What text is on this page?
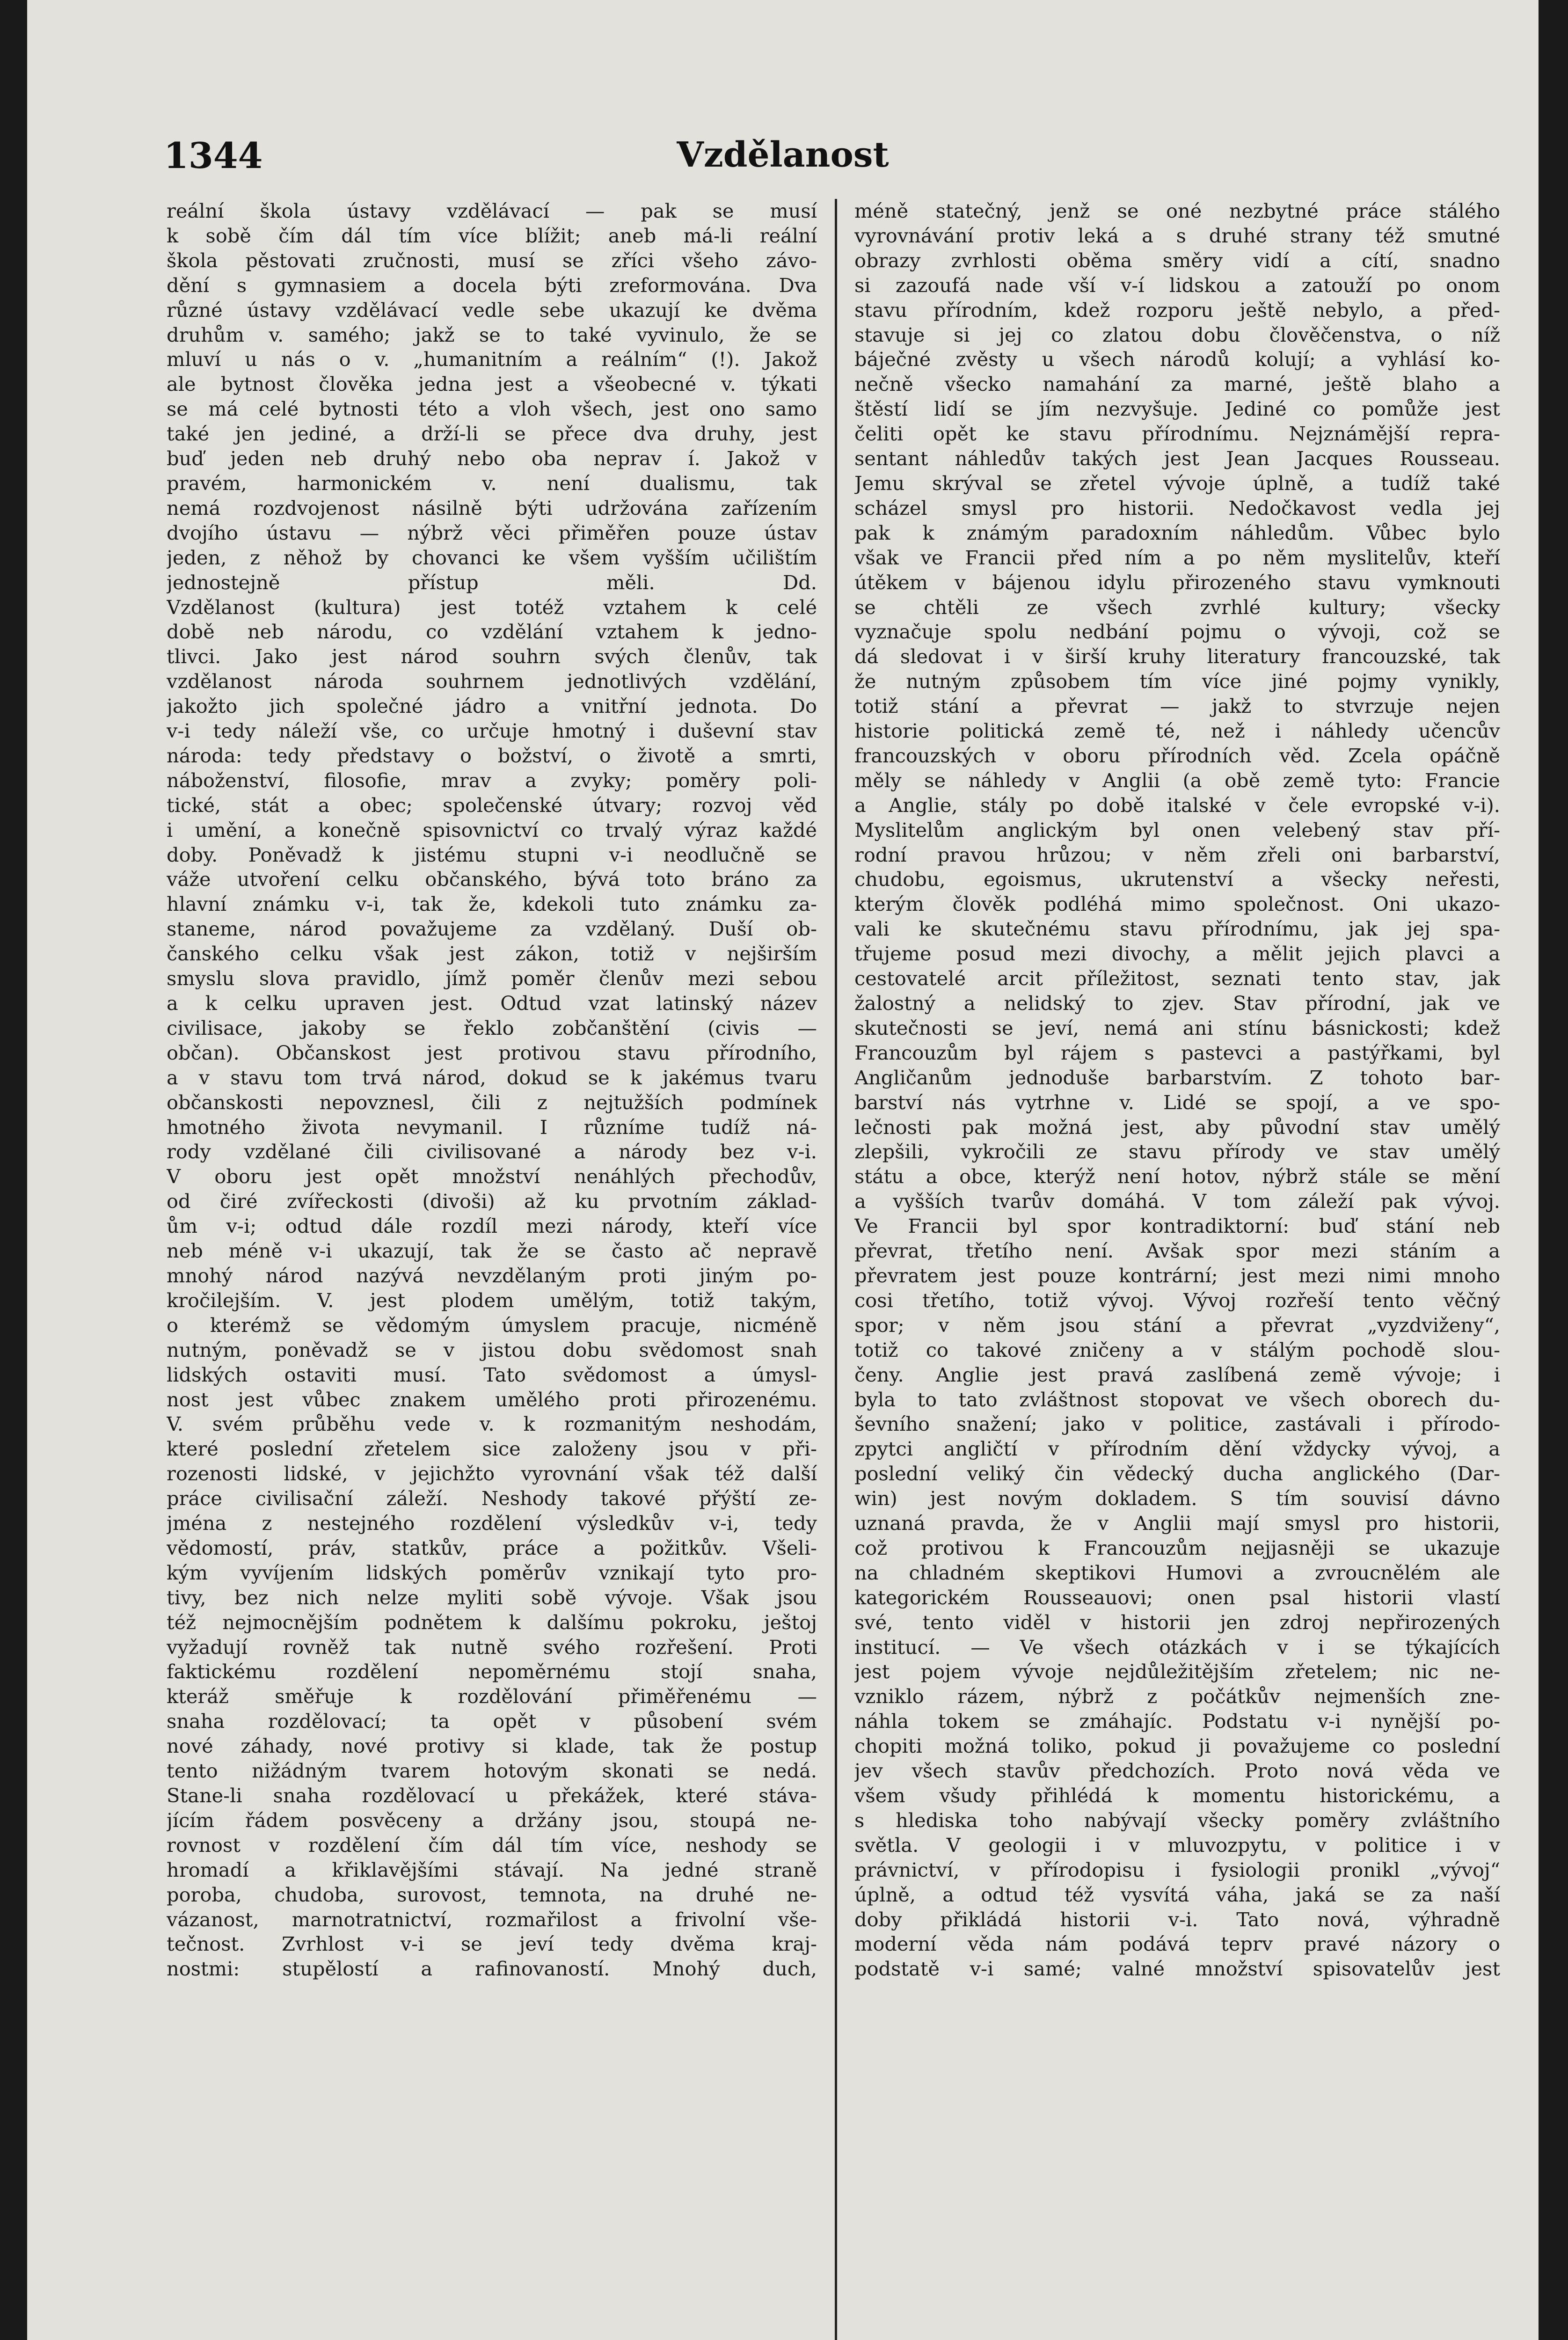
1344	Vzdělanost
reální škola ústavy vzdělávací — pak se musí
k sobě čím dál tím více blížit; aneb má-li reální
škola pěstovati zručnosti, musí se zříci všeho závo-
dění s gymnasiem a docela býti zreformována. Dva
různé ústavy vzdělávací vedle sebe ukazují ke dvěma
druhům v. samého; jakž se to také vyvinulo, že se
mluví u nás o v. „humanitním a reálním“ (!). Jakož
ale bytnost člověka jedna jest a všeobecné v. týkati
se má celé bytnosti této a vloh všech, jest ono samo
také jen jediné, a drží-li se přece dva druhy, jest
buď jeden neb druhý nebo oba neprav í. Jakož v
pravém, harmonickém v. není dualismu, tak
nemá rozdvojenost násilně býti udržována zařízením
dvojího ústavu — nýbrž věci přiměřen pouze ústav
jeden, z něhož by chovanci ke všem vyšším učilištím
jednostejně přístup měli. Dd.
Vzdělanost (kultura) jest totéž vztahem k celé
době neb národu, co vzdělání vztahem k jedno-
tlivci. Jako jest národ souhrn svých členův, tak
vzdělanost národa souhrnem jednotlivých vzdělání,
jakožto jich společné jádro a vnitřní jednota. Do
v-i tedy náleží vše, co určuje hmotný i duševní stav
národa: tedy představy o božství, o životě a smrti,
náboženství, filosofie, mrav a zvyky; poměry poli-
tické, stát a obec; společenské útvary; rozvoj věd
i umění, a konečně spisovnictví co trvalý výraz každé
doby. Poněvadž k jistému stupni v-i neodlučně se
váže utvoření celku občanského, bývá toto bráno za
hlavní známku v-i, tak že, kdekoli tuto známku za-
staneme, národ považujeme za vzdělaný. Duší ob-
čanského celku však jest zákon, totiž v nejširším
smyslu slova pravidlo, jímž poměr členův mezi sebou
a k celku upraven jest. Odtud vzat latinský název
civilisace, jakoby se řeklo zobčanštění (civis —
občan). Občanskost jest protivou stavu přírodního,
a v stavu tom trvá národ, dokud se k jakémus tvaru
občanskosti nepovznesl, čili z nejtužších podmínek
hmotného života nevymanil. I různíme tudíž ná-
rody vzdělané čili civilisované a národy bez v-i.
V oboru jest opět množství nenáhlých přechodův,
od čiré zvířeckosti (divoši) až ku prvotním základ-
ům v-i; odtud dále rozdíl mezi národy, kteří více
neb méně v-i ukazují, tak že se často ač nepravě
mnohý národ nazývá nevzdělaným proti jiným po-
kročilejším. V. jest plodem umělým, totiž takým,
o kterémž se vědomým úmyslem pracuje, nicméně
nutným, poněvadž se v jistou dobu svědomost snah
lidských ostaviti musí. Tato svědomost a úmysl-
nost jest vůbec znakem umělého proti přirozenému.
V. svém průběhu vede v. k rozmanitým neshodám,
které poslední zřetelem sice založeny jsou v při-
rozenosti lidské, v jejichžto vyrovnání však též další
práce civilisační záleží. Neshody takové přýští ze-
jména z nestejného rozdělení výsledkův v-i, tedy
vědomostí, práv, statkův, práce a požitkův. Všeli-
kým vyvíjením lidských poměrův vznikají tyto pro-
tivy, bez nich nelze myliti sobě vývoje. Však jsou
též nejmocnějším podnětem k dalšímu pokroku, ještoj
vyžadují rovněž tak nutně svého rozřešení. Proti
faktickému rozdělení nepoměrnému stojí snaha,
kteráž směřuje k rozdělování přiměřenému —
snaha rozdělovací; ta opět v působení svém
nové záhady, nové protivy si klade, tak že postup
tento nižádným tvarem hotovým skonati se nedá.
Stane-li snaha rozdělovací u překážek, které stáva-
jícím řádem posvěceny a držány jsou, stoupá ne-
rovnost v rozdělení čím dál tím více, neshody se
hromadí a křiklavějšími stávají. Na jedné straně
poroba, chudoba, surovost, temnota, na druhé ne-
vázanost, marnotratnictví, rozmařilost a frivolní vše-
tečnost. Zvrhlost v-i se jeví tedy dvěma kraj-
nostmi: stupělostí a rafinovaností. Mnohý duch,
méně statečný, jenž se oné nezbytné práce stálého
vyrovnávání protiv leká a s druhé strany též smutné
obrazy zvrhlosti oběma směry vidí a cítí, snadno
si zazoufá nade vší v-í lidskou a zatouží po onom
stavu přírodním, kdež rozporu ještě nebylo, a před-
stavuje si jej co zlatou dobu člověčenstva, o níž
báječné zvěsty u všech národů kolují; a vyhlásí ko-
nečně všecko namahání za marné, ještě blaho a
štěstí lidí se jím nezvyšuje. Jediné co pomůže jest
čeliti opět ke stavu přírodnímu. Nejznámější repra-
sentant náhledův takých jest Jean Jacques Rousseau.
Jemu skrýval se zřetel vývoje úplně, a tudíž také
scházel smysl pro historii. Nedočkavost vedla jej
pak k známým paradoxním náhledům. Vůbec bylo
však ve Francii před ním a po něm myslitelův, kteří
útěkem v bájenou idylu přirozeného stavu vymknouti
se chtěli ze všech zvrhlé kultury; všecky
vyznačuje spolu nedbání pojmu o vývoji, což se
dá sledovat i v širší kruhy literatury francouzské, tak
že nutným způsobem tím více jiné pojmy vynikly,
totiž stání a převrat — jakž to stvrzuje nejen
historie politická země té, než i náhledy učencův
francouzských v oboru přírodních věd. Zcela opáčně
měly se náhledy v Anglii (a obě země tyto: Francie
a Anglie, stály po době italské v čele evropské v-i).
Myslitelům anglickým byl onen velebený stav pří-
rodní pravou hrůzou; v něm zřeli oni barbarství,
chudobu, egoismus, ukrutenství a všecky neřesti,
kterým člověk podléhá mimo společnost. Oni ukazo-
vali ke skutečnému stavu přírodnímu, jak jej spa-
třujeme posud mezi divochy, a mělit jejich plavci a
cestovatelé arcit příležitost, seznati tento stav, jak
žalostný a nelidský to zjev. Stav přírodní, jak ve
skutečnosti se jeví, nemá ani stínu básnickosti; kdež
Francouzům byl rájem s pastevci a pastýřkami, byl
Angličanům jednoduše barbarstvím. Z tohoto bar-
barství nás vytrhne v. Lidé se spojí, a ve spo-
lečnosti pak možná jest, aby původní stav umělý
zlepšili, vykročili ze stavu přírody ve stav umělý
státu a obce, kterýž není hotov, nýbrž stále se mění
a vyšších tvarův domáhá. V tom záleží pak vývoj.
Ve Francii byl spor kontradiktorní: buď stání neb
převrat, třetího není. Avšak spor mezi stáním a
převratem jest pouze kontrární; jest mezi nimi mnoho
cosi třetího, totiž vývoj. Vývoj rozřeší tento věčný
spor; v něm jsou stání a převrat „vyzdviženy“,
totiž co takové zničeny a v stálým pochodě slou-
čeny. Anglie jest pravá zaslíbená země vývoje; i
byla to tato zvláštnost stopovat ve všech oborech du-
ševního snažení; jako v politice, zastávali i přírodo-
zpytci angličtí v přírodním dění vždycky vývoj, a
poslední veliký čin vědecký ducha anglického (Dar-
win) jest novým dokladem. S tím souvisí dávno
uznaná pravda, že v Anglii mají smysl pro historii,
což protivou k Francouzům nejjasněji se ukazuje
na chladném skeptikovi Humovi a zvroucnělém ale
kategorickém Rousseauovi; onen psal historii vlastí
své, tento viděl v historii jen zdroj nepřirozených
institucí. — Ve všech otázkách v i se týkajících
jest pojem vývoje nejdůležitějším zřetelem; nic ne-
vzniklo rázem, nýbrž z počátkův nejmenších zne-
náhla tokem se zmáhajíc. Podstatu v-i nynější po-
chopiti možná toliko, pokud ji považujeme co poslední
jev všech stavův předchozích. Proto nová věda ve
všem všudy přihlédá k momentu historickému, a
s hlediska toho nabývají všecky poměry zvláštního
světla. V geologii i v mluvozpytu, v politice i v
právnictví, v přírodopisu i fysiologii pronikl „vývoj“
úplně, a odtud též vysvítá váha, jaká se za naší
doby přikládá historii v-i. Tato nová, výhradně
moderní věda nám podává teprv pravé názory o
podstatě v-i samé; valné množství spisovatelův jest
